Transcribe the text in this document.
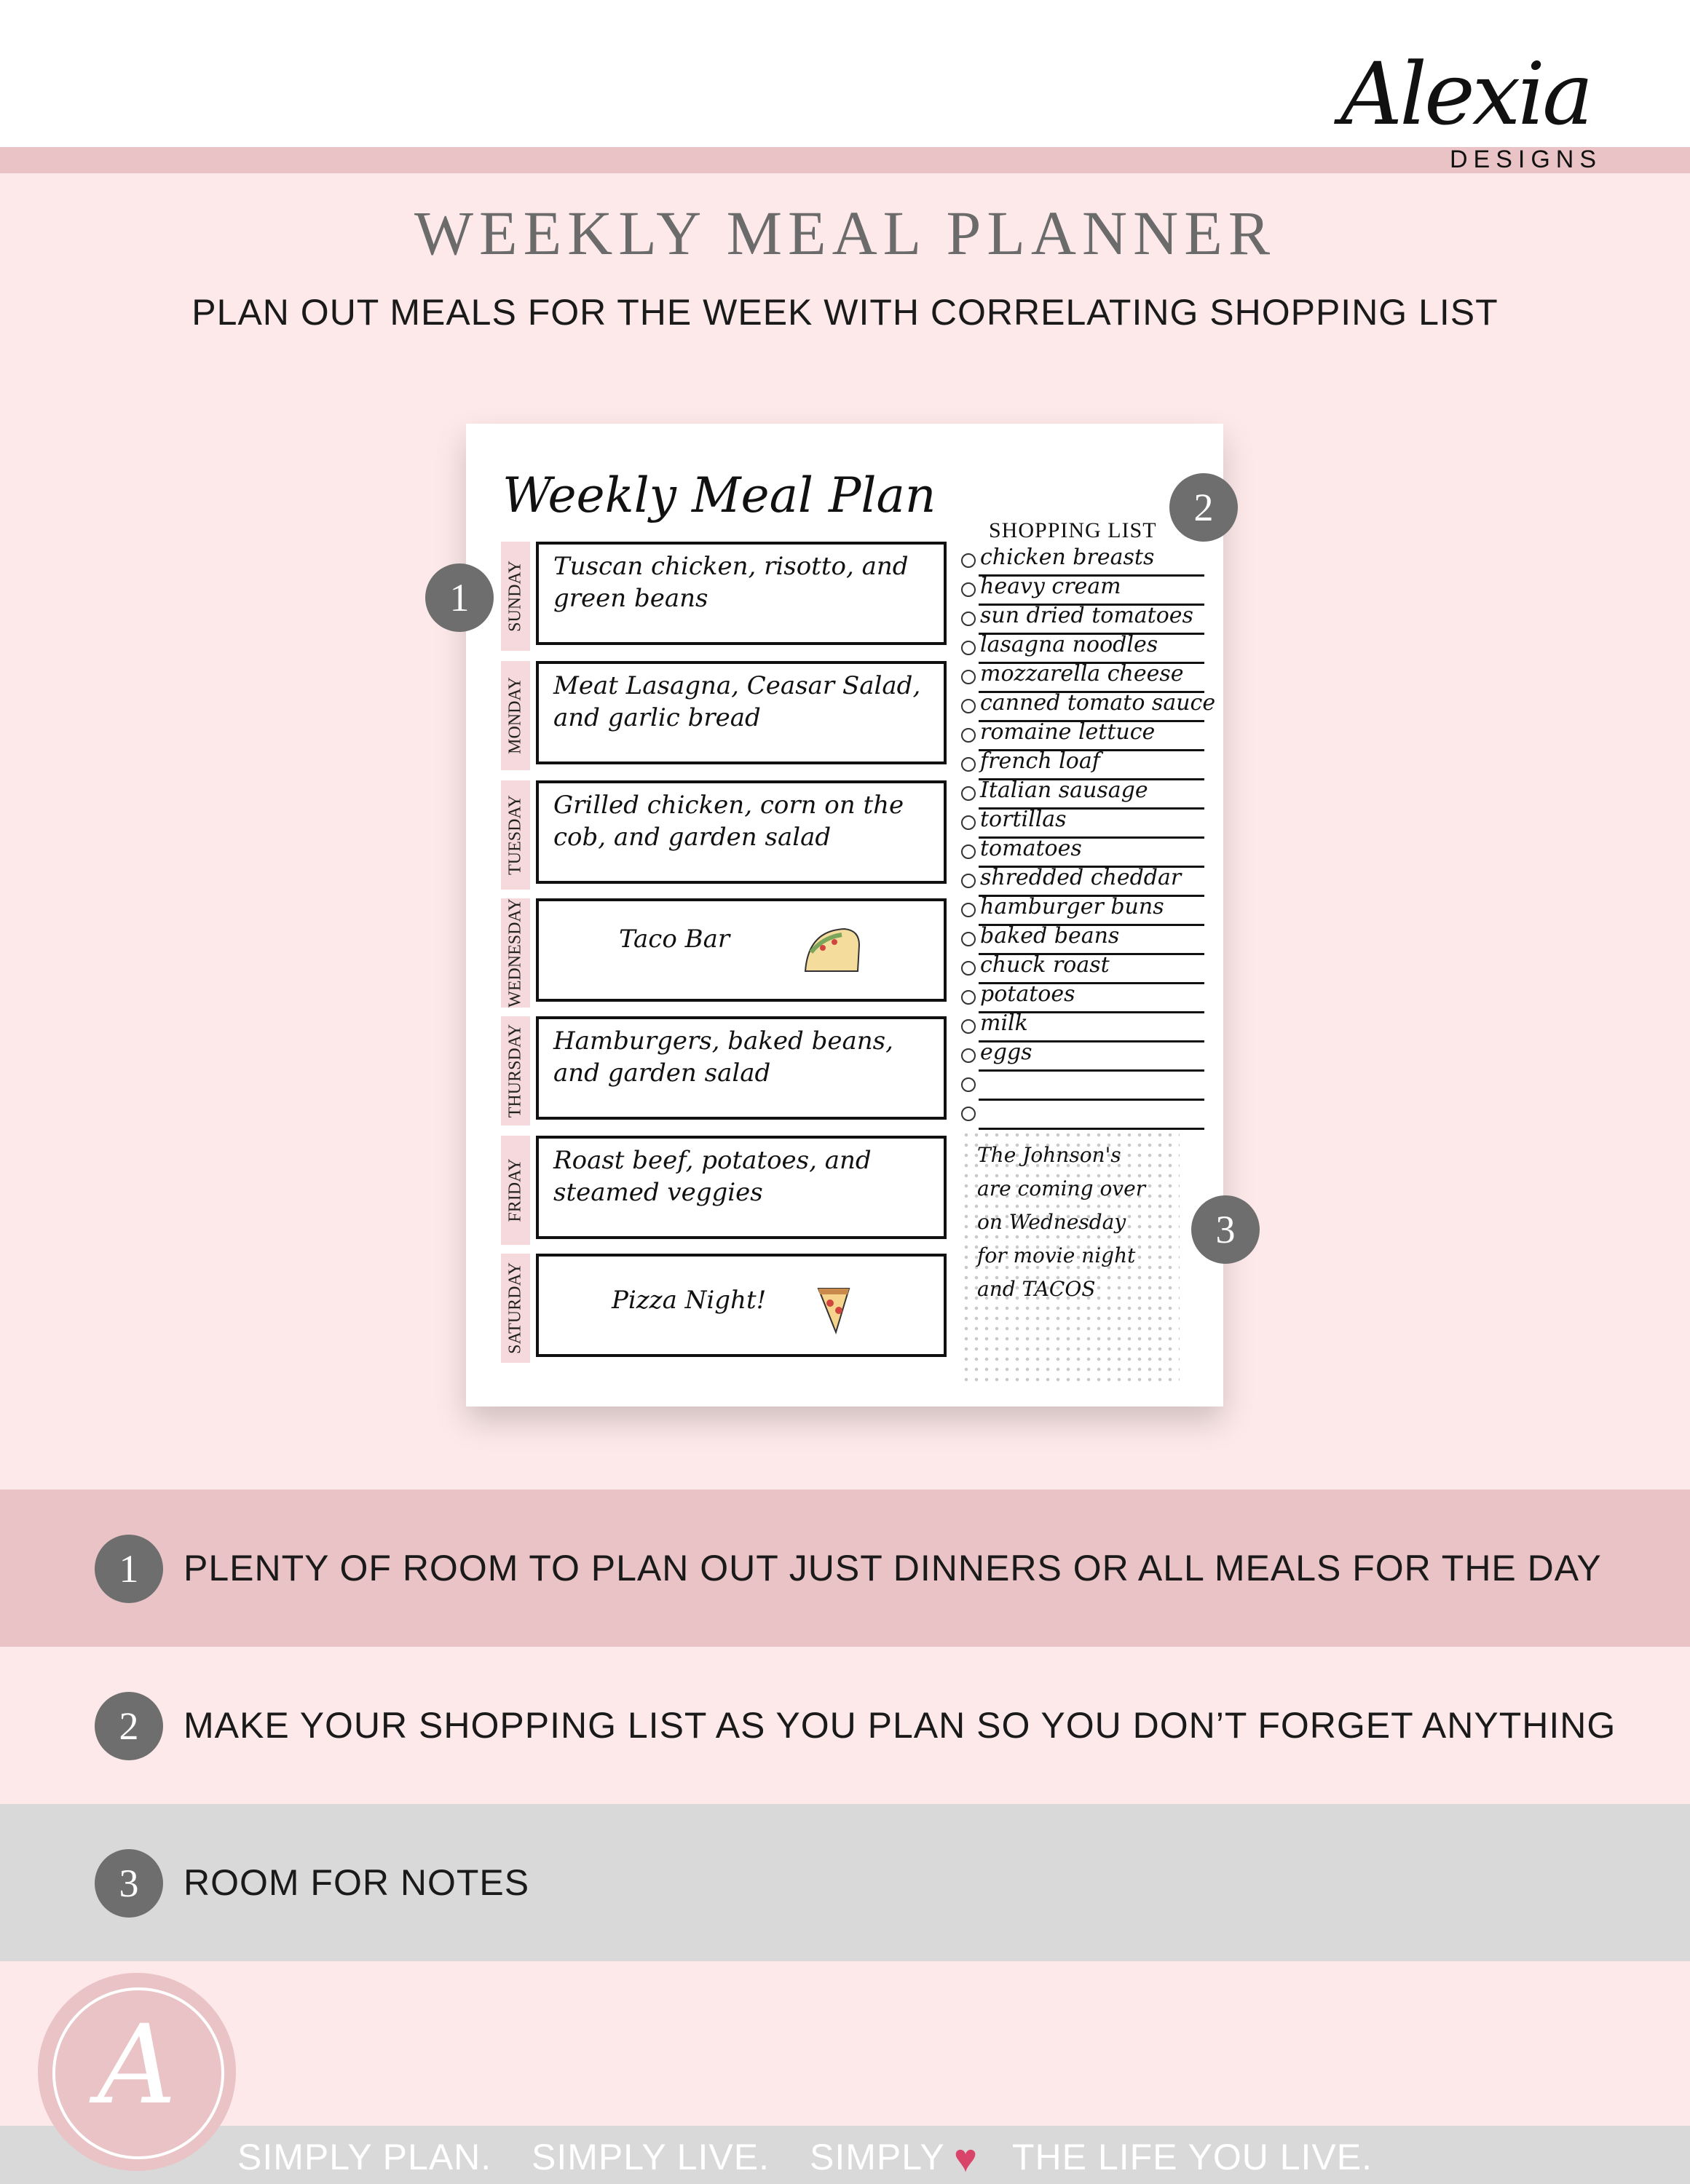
Alexia
DESIGNS
WEEKLY MEAL PLANNER
PLAN OUT MEALS FOR THE WEEK WITH CORRELATING SHOPPING LIST
Weekly Meal Plan
SUNDAY Tuscan chicken, risotto, and green beans
MONDAY Meat Lasagna, Ceasar Salad, and garlic bread
TUESDAY Grilled chicken, corn on the cob, and garden salad
WEDNESDAY	Taco Bar
THURSDAY Hamburgers, baked beans, and garden salad
FRIDAY Roast beef, potatoes, and steamed veggies
SATURDAY	Pizza Night!
SHOPPING LIST
chicken breasts
heavy cream
sun dried tomatoes
lasagna noodles
mozzarella cheese
canned tomato sauce
romaine lettuce
french loaf
Italian sausage
tortillas
tomatoes
shredded cheddar
hamburger buns
baked beans
chuck roast
potatoes
milk
eggs
The Johnson's
are coming over
on Wednesday
for movie night
and TACOS
1
2
3
1	PLENTY OF ROOM TO PLAN OUT JUST DINNERS OR ALL MEALS FOR THE DAY
2	MAKE YOUR SHOPPING LIST AS YOU PLAN SO YOU DON’T FORGET ANYTHING
3	ROOM FOR NOTES
SIMPLY PLAN. SIMPLY LIVE. SIMPLY ♥ THE LIFE YOU LIVE.
A
